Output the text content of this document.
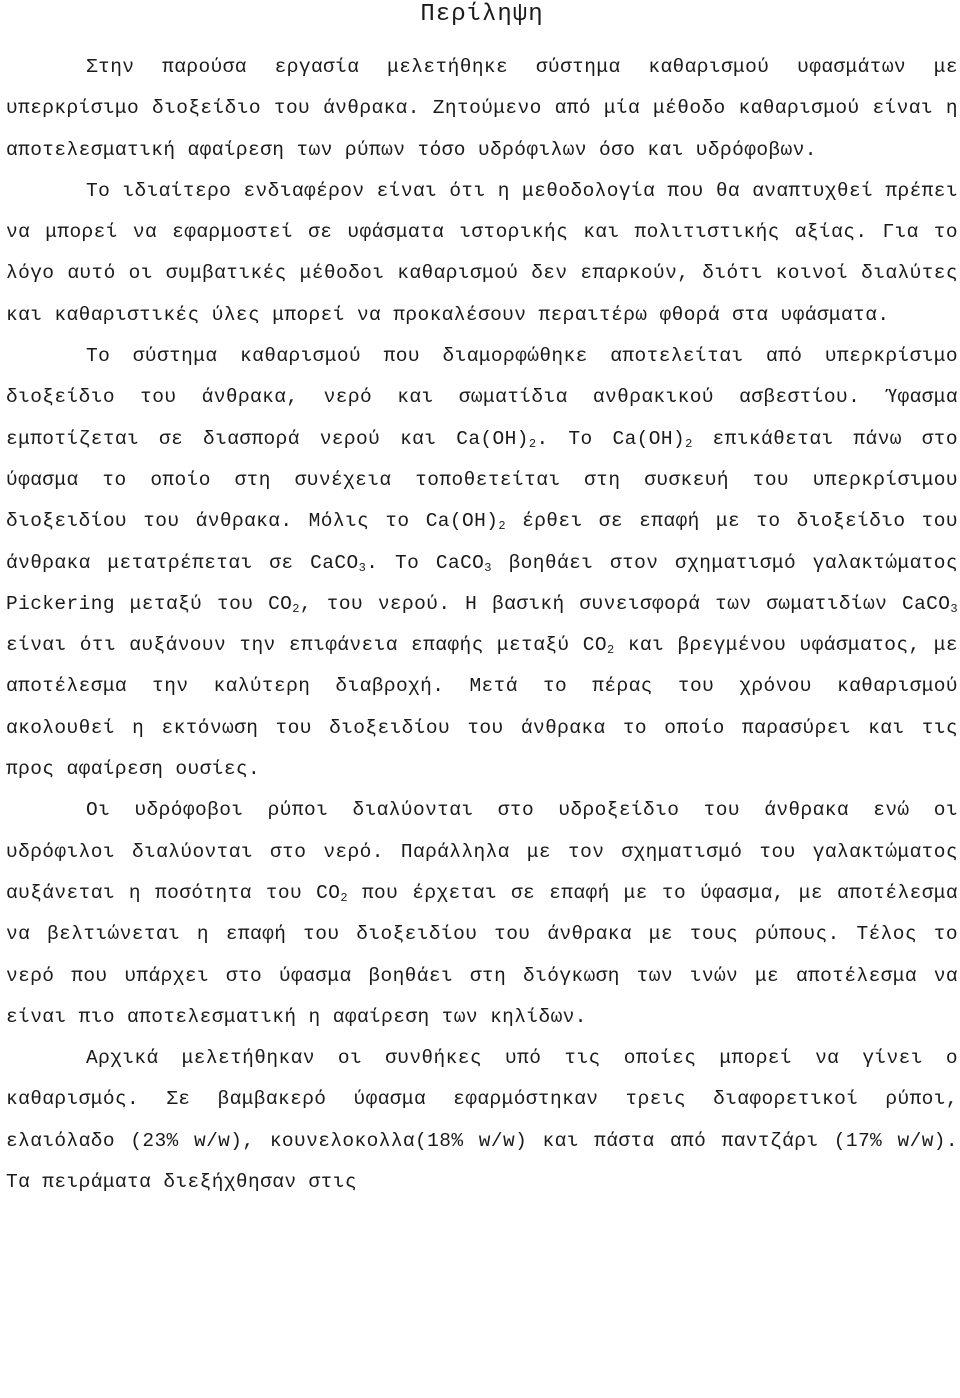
Περίληψη

Στην παρούσα εργασία μελετήθηκε σύστημα καθαρισμού υφασμάτων με υπερκρίσιμο διοξείδιο του άνθρακα. Ζητούμενο από μία μέθοδο καθαρισμού είναι η αποτελεσματική αφαίρεση των ρύπων τόσο υδρόφιλων όσο και υδρόφοβων.

Το ιδιαίτερο ενδιαφέρον είναι ότι η μεθοδολογία που θα αναπτυχθεί πρέπει να μπορεί να εφαρμοστεί σε υφάσματα ιστορικής και πολιτιστικής αξίας. Για το λόγο αυτό οι συμβατικές μέθοδοι καθαρισμού δεν επαρκούν, διότι κοινοί διαλύτες και καθαριστικές ύλες μπορεί να προκαλέσουν περαιτέρω φθορά στα υφάσματα.

Το σύστημα καθαρισμού που διαμορφώθηκε αποτελείται από υπερκρίσιμο διοξείδιο του άνθρακα, νερό και σωματίδια ανθρακικού ασβεστίου. Ύφασμα εμποτίζεται σε διασπορά νερού και $Ca(OH)_2$. Το $Ca(OH)_2$ επικάθεται πάνω στο ύφασμα το οποίο στη συνέχεια τοποθετείται στη συσκευή του υπερκρίσιμου διοξειδίου του άνθρακα. Μόλις το $Ca(OH)_2$ έρθει σε επαφή με το διοξείδιο του άνθρακα μετατρέπεται σε CaCO$_3$. Το CaCO$_3$ βοηθάει στον σχηματισμό γαλακτώματος Pickering μεταξύ του $CO_2$, του νερού. Η βασική συνεισφορά των σωματιδίων CaCO$_3$ είναι ότι αυξάνουν την επιφάνεια επαφής μεταξύ $CO_2$ και βρεγμένου υφάσματος, με αποτέλεσμα την καλύτερη διαβροχή. Μετά το πέρας του χρόνου καθαρισμού ακολουθεί η εκτόνωση του διοξειδίου του άνθρακα το οποίο παρασύρει και τις προς αφαίρεση ουσίες.

Οι υδρόφοβοι ρύποι διαλύονται στο υδροξείδιο του άνθρακα ενώ οι υδρόφιλοι διαλύονται στο νερό. Παράλληλα με τον σχηματισμό του γαλακτώματος αυξάνεται η ποσότητα του $CO_2$ που έρχεται σε επαφή με το ύφασμα, με αποτέλεσμα να βελτιώνεται η επαφή του διοξειδίου του άνθρακα με τους ρύπους. Τέλος το νερό που υπάρχει στο ύφασμα βοηθάει στη διόγκωση των ινών με αποτέλεσμα να είναι πιο αποτελεσματική η αφαίρεση των κηλίδων.

Αρχικά μελετήθηκαν οι συνθήκες υπό τις οποίες μπορεί να γίνει ο καθαρισμός. Σε βαμβακερό ύφασμα εφαρμόστηκαν τρεις διαφορετικοί ρύποι, ελαιόλαδο (23% w/w), κουνελοκολλα(18% w/w) και πάστα από παντζάρι (17% w/w). Τα πειράματα διεξήχθησαν στις
